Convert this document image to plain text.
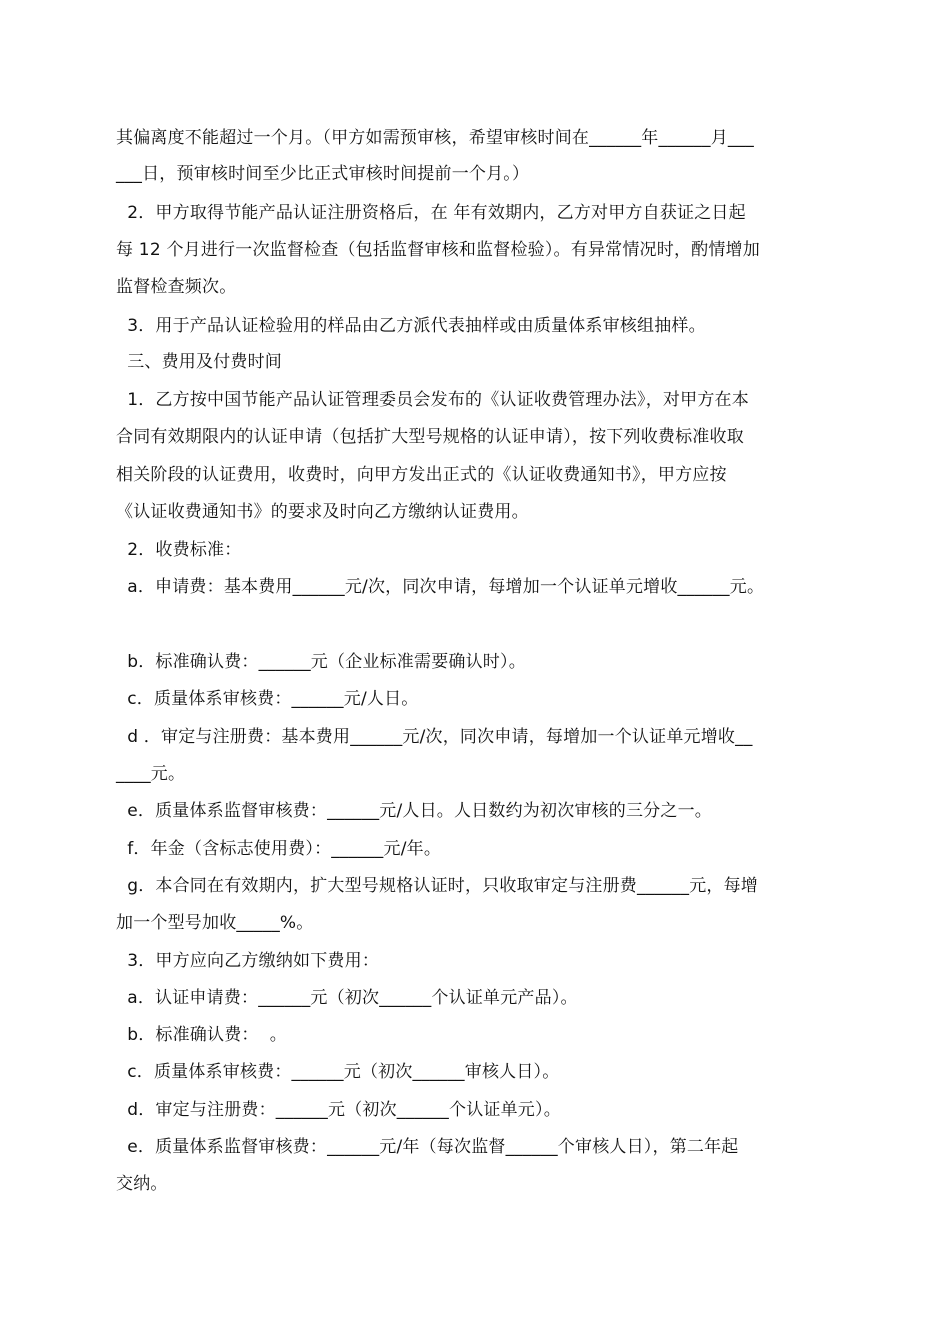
其偏离度不能超过一个月。（甲方如需预审核，希望审核时间在______年______月___
___日，预审核时间至少比正式审核时间提前一个月。）
2．甲方取得节能产品认证注册资格后，在 年有效期内，乙方对甲方自获证之日起
每 12 个月进行一次监督检查（包括监督审核和监督检验）。有异常情况时，酌情增加
监督检查频次。
3．用于产品认证检验用的样品由乙方派代表抽样或由质量体系审核组抽样。
三、费用及付费时间
1．乙方按中国节能产品认证管理委员会发布的《认证收费管理办法》，对甲方在本
合同有效期限内的认证申请（包括扩大型号规格的认证申请），按下列收费标准收取
相关阶段的认证费用，收费时，向甲方发出正式的《认证收费通知书》，甲方应按
《认证收费通知书》的要求及时向乙方缴纳认证费用。
2．收费标准：
a．申请费：基本费用______元/次，同次申请，每增加一个认证单元增收______元。
b．标准确认费：______元（企业标准需要确认时）。
c．质量体系审核费：______元/人日。
d ．审定与注册费：基本费用______元/次，同次申请，每增加一个认证单元增收__
____元。
e．质量体系监督审核费：______元/人日。人日数约为初次审核的三分之一。
f．年金（含标志使用费）：______元/年。
g．本合同在有效期内，扩大型号规格认证时，只收取审定与注册费______元，每增
加一个型号加收_____%。
3．甲方应向乙方缴纳如下费用：
a．认证申请费：______元（初次______个认证单元产品）。
b．标准确认费：  。
c．质量体系审核费：______元（初次______审核人日）。
d．审定与注册费：______元（初次______个认证单元）。
e．质量体系监督审核费：______元/年（每次监督______个审核人日），第二年起
交纳。
